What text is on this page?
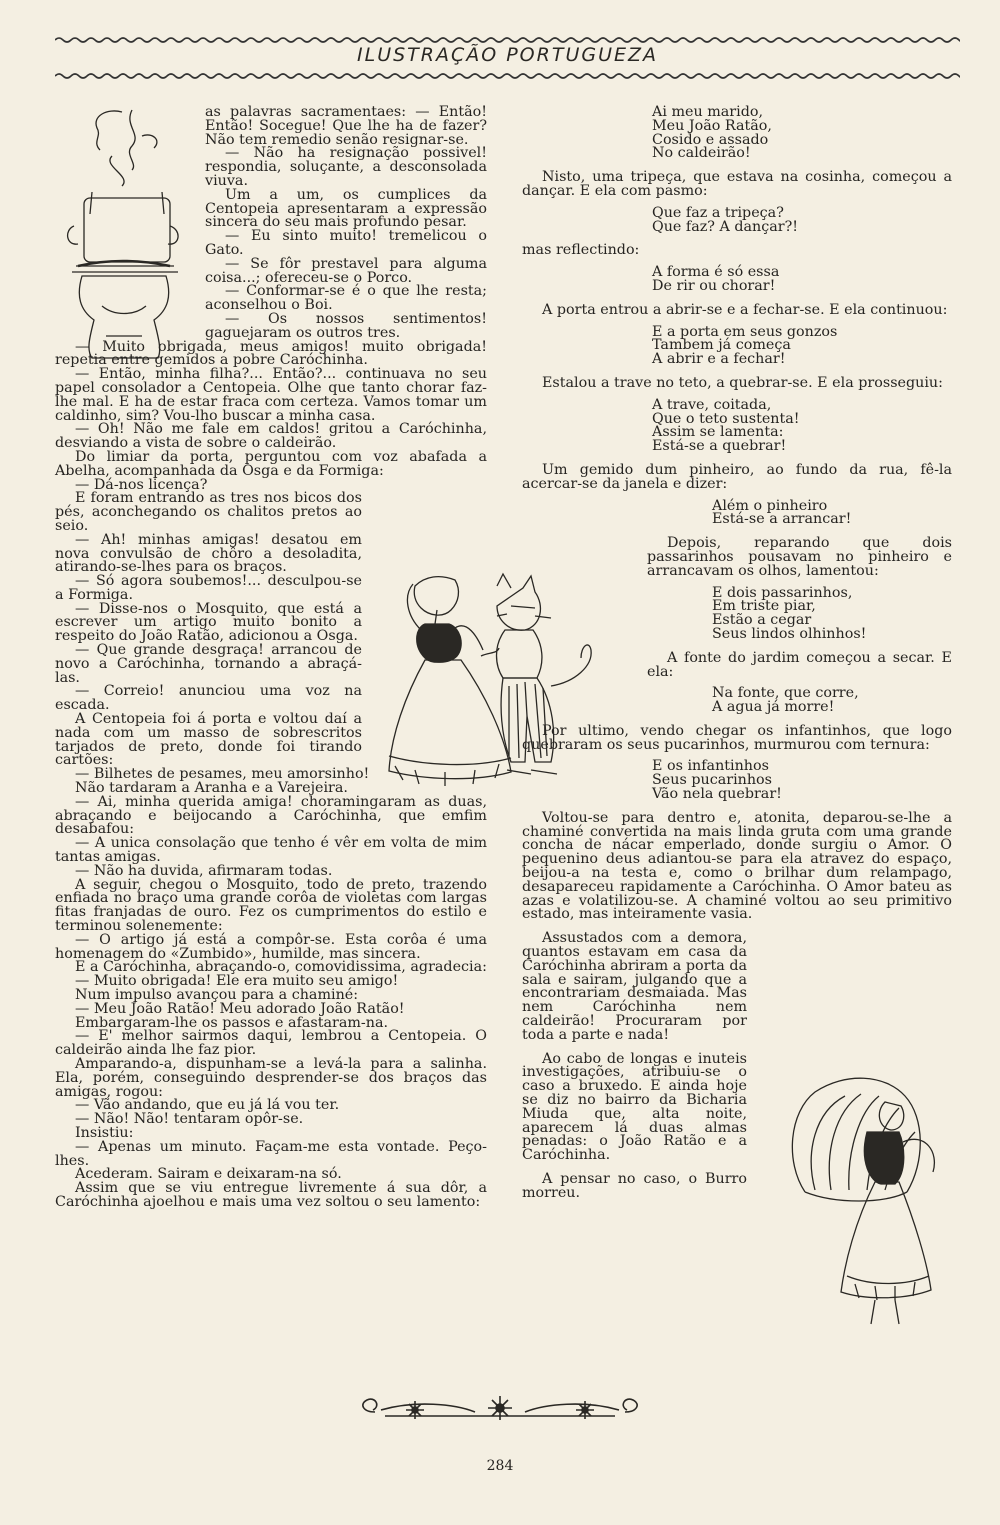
ILUSTRAÇÃO PORTUGUEZA

as palavras sacramentaes: — Então! Então! Socegue! Que lhe ha de fazer? Não tem remedio senão resignar-se.

— Não ha resignação possivel! respondia, soluçante, a desconsolada viuva.

Um a um, os cumplices da Centopeia apresentaram a expressão sincera do seu mais profundo pesar.

— Eu sinto muito! tremelicou o Gato.

— Se fôr prestavel para alguma coisa...; ofereceu-se o Porco.

— Conformar-se é o que lhe resta; aconselhou o Boi.

— Os nossos sentimentos! gaguejaram os outros tres.

— Muito obrigada, meus amigos! muito obrigada! repetia entre gemidos a pobre Caróchinha.

— Então, minha filha?... Então?... continuava no seu papel consolador a Centopeia. Olhe que tanto chorar faz-lhe mal. E ha de estar fraca com certeza. Vamos tomar um caldinho, sim? Vou-lho buscar a minha casa.

— Oh! Não me fale em caldos! gritou a Caróchinha, desviando a vista de sobre o caldeirão.

Do limiar da porta, perguntou com voz abafada a Abelha, acompanhada da Osga e da Formiga:

— Dá-nos licença?

E foram entrando as tres nos bicos dos pés, aconchegando os chalitos pretos ao seio.

— Ah! minhas amigas! desatou em nova convulsão de chôro a desoladita, atirando-se-lhes para os braços.

— Só agora soubemos!... desculpou-se a Formiga.

— Disse-nos o Mosquito, que está a escrever um artigo muito bonito a respeito do João Ratão, adicionou a Osga.

— Que grande desgraça! arrancou de novo a Caróchinha, tornando a abraçá-las.

— Correio! anunciou uma voz na escada.

A Centopeia foi á porta e voltou daí a nada com um masso de sobrescritos tarjados de preto, donde foi tirando cartões:

— Bilhetes de pesames, meu amorsinho!

Não tardaram a Aranha e a Varejeira.

— Ai, minha querida amiga! choramingaram as duas, abraçando e beijocando a Caróchinha, que emfim desabafou:

— A unica consolação que tenho é vêr em volta de mim tantas amigas.

— Não ha duvida, afirmaram todas.

A seguir, chegou o Mosquito, todo de preto, trazendo enfiada no braço uma grande corôa de violetas com largas fitas franjadas de ouro. Fez os cumprimentos do estilo e terminou solenemente:

— O artigo já está a compôr-se. Esta corôa é uma homenagem do «Zumbido», humilde, mas sincera.

E a Caróchinha, abraçando-o, comovidissima, agradecia:

— Muito obrigada! Ele era muito seu amigo!

Num impulso avançou para a chaminé:

— Meu João Ratão! Meu adorado João Ratão!

Embargaram-lhe os passos e afastaram-na.

— E' melhor sairmos daqui, lembrou a Centopeia. O caldeirão ainda lhe faz pior.

Amparando-a, dispunham-se a levá-la para a salinha. Ela, porém, conseguindo desprender-se dos braços das amigas, rogou:

— Vão andando, que eu já lá vou ter.

— Não! Não! tentaram opôr-se.

Insistiu:

— Apenas um minuto. Façam-me esta vontade. Peço-lhes.

Acederam. Sairam e deixaram-na só.

Assim que se viu entregue livremente á sua dôr, a Caróchinha ajoelhou e mais uma vez soltou o seu lamento:

Ai meu marido,
Meu João Ratão,
Cosido e assado
No caldeirão!

Nisto, uma tripeça, que estava na cosinha, começou a dançar. E ela com pasmo:

Que faz a tripeça?
Que faz? A dançar?!

mas reflectindo:

A forma é só essa
De rir ou chorar!

A porta entrou a abrir-se e a fechar-se. E ela continuou:

E a porta em seus gonzos
Tambem já começa
A abrir e a fechar!

Estalou a trave no teto, a quebrar-se. E ela prosseguiu:

A trave, coitada,
Que o teto sustenta!
Assim se lamenta:
Está-se a quebrar!

Um gemido dum pinheiro, ao fundo da rua, fê-la acercar-se da janela e dizer:

Além o pinheiro
Está-se a arrancar!

Depois, reparando que dois passarinhos pousavam no pinheiro e arrancavam os olhos, lamentou:

E dois passarinhos,
Em triste piar,
Estão a cegar
Seus lindos olhinhos!

A fonte do jardim começou a secar. E ela:

Na fonte, que corre,
A agua já morre!

Por ultimo, vendo chegar os infantinhos, que logo quebraram os seus pucarinhos, murmurou com ternura:

E os infantinhos
Seus pucarinhos
Vão nela quebrar!

Voltou-se para dentro e, atonita, deparou-se-lhe a chaminé convertida na mais linda gruta com uma grande concha de nácar emperlado, donde surgiu o Amor. O pequenino deus adiantou-se para ela atravez do espaço, beijou-a na testa e, como o brilhar dum relampago, desapareceu rapidamente a Caróchinha. O Amor bateu as azas e volatilizou-se. A chaminé voltou ao seu primitivo estado, mas inteiramente vasia.

Assustados com a demora, quantos estavam em casa da Caróchinha abriram a porta da sala e sairam, julgando que a encontrariam desmaiada. Mas nem Caróchinha nem caldeirão! Procuraram por toda a parte e nada!

Ao cabo de longas e inuteis investigações, atribuiu-se o caso a bruxedo. E ainda hoje se diz no bairro da Bicharia Miuda que, alta noite, aparecem lá duas almas penadas: o João Ratão e a Caróchinha.

A pensar no caso, o Burro morreu.

284
